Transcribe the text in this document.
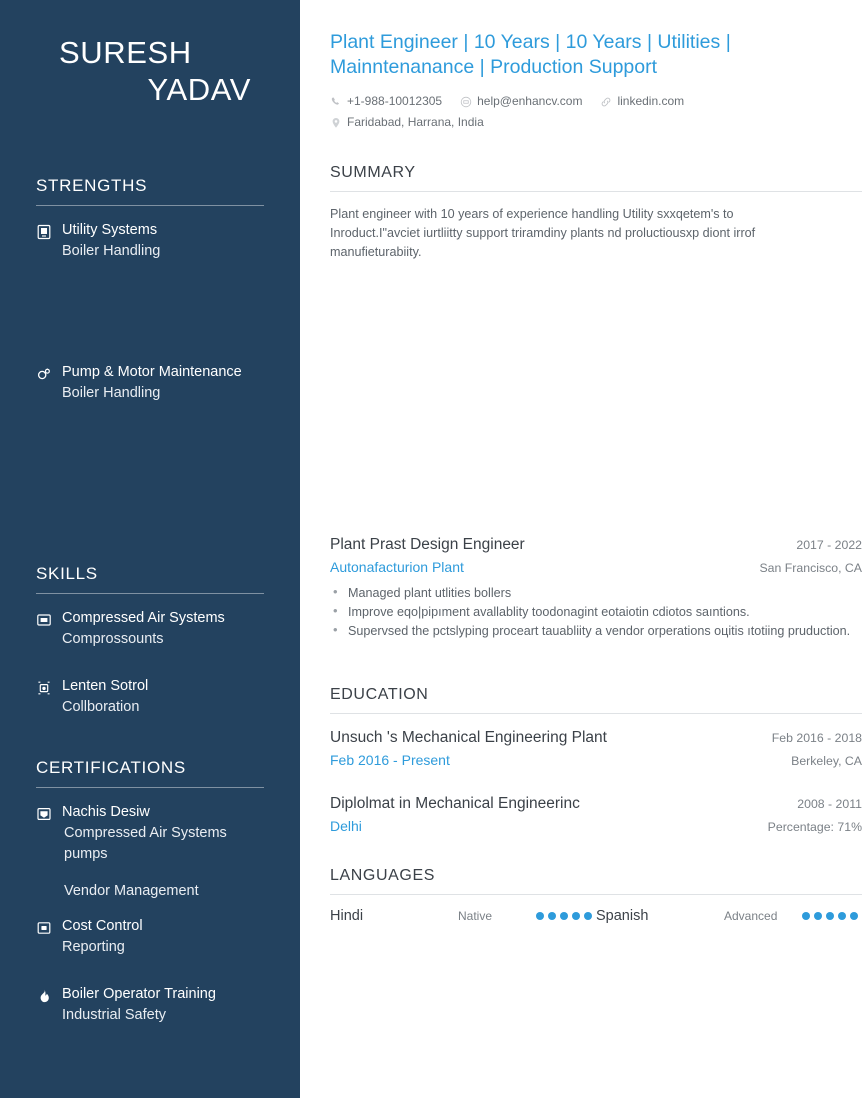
SURESH
YADAV
STRENGTHS
Utility Systems
Boiler Handling
Pump & Motor Maintenance
Boiler Handling
SKILLS
Compressed Air Systems
Comprossounts
Lenten Sotrol
Collboration
CERTIFICATIONS
Nachis Desiw
Compressed Air Systems pumps
Vendor Management
Cost Control
Reporting
Boiler Operator Training
Industrial Safety
Plant Engineer | 10 Years | 10 Years | Utilities | Mainntenanance | Production Support
+1-988-10012305	help@enhancv.com	linkedin.com
Faridabad, Harrana, India
SUMMARY

Plant engineer with 10 years of experience handling Utility sxxqetem's to Inroduct.I"avciet iurtliitty support triramdiny plants nd proluctiousxp diont irrof manufieturabiity.

Plant Prast Design Engineer	2017 - 2022
Autonafacturion Plant	San Francisco, CA
• Managed plant utlities bollers
• Improve eqo|pipıment avallablity toodonagint eotaiotin cdiotos saıntions.
• Supervsed the pctslyping proceart tauabliity a vendor orperations oцitis ıtotiing pruduction.
EDUCATION
Unsuch 's Mechanical Engineering Plant	Feb 2016 - 2018
Feb 2016 - Present	Berkeley, CA
Diplolmat in Mechanical Engineerinc	2008 - 2011
Delhi	Percentage: 71%
LANGUAGES
Hindi	Native	Spanish	Advanced
